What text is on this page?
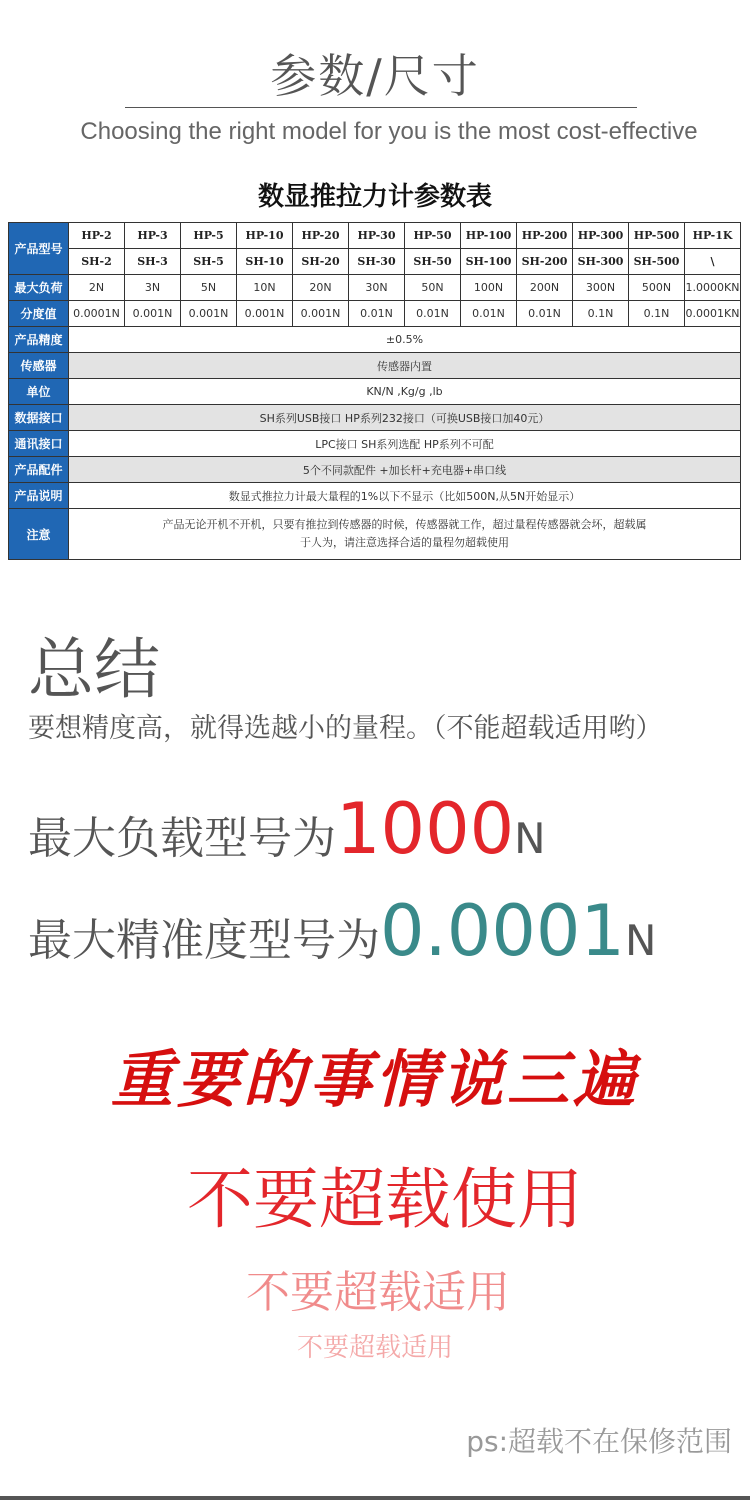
参数/尺寸
Choosing the right model for you is the most cost-effective
数显推拉力计参数表
产品型号	HP-2	HP-3	HP-5	HP-10	HP-20	HP-30	HP-50	HP-100	HP-200	HP-300	HP-500	HP-1K
	SH-2	SH-3	SH-5	SH-10	SH-20	SH-30	SH-50	SH-100	SH-200	SH-300	SH-500	\
最大负荷	2N	3N	5N	10N	20N	30N	50N	100N	200N	300N	500N	1.0000KN
分度值	0.0001N	0.001N	0.001N	0.001N	0.001N	0.01N	0.01N	0.01N	0.01N	0.1N	0.1N	0.0001KN
产品精度	±0.5%											
传感器	传感器内置											
单位	KN/N ,Kg/g ,lb											
数据接口	SH系列USB接口 HP系列232接口（可换USB接口加40元）											
通讯接口	LPC接口 SH系列选配 HP系列不可配											
产品配件	5个不同款配件 +加长杆+充电器+串口线											
产品说明	数显式推拉力计最大量程的1%以下不显示（比如500N,从5N开始显示）											
注意	产品无论开机不开机，只要有推拉到传感器的时候，传感器就工作，超过量程传感器就会坏，超载属于人为，请注意选择合适的量程勿超载使用											
总结
要想精度高，就得选越小的量程。（不能超载适用哟）
最大负载型号为1000N
最大精准度型号为0.0001N
重要的事情说三遍
不要超载使用
不要超载适用
不要超载适用
ps:超载不在保修范围
